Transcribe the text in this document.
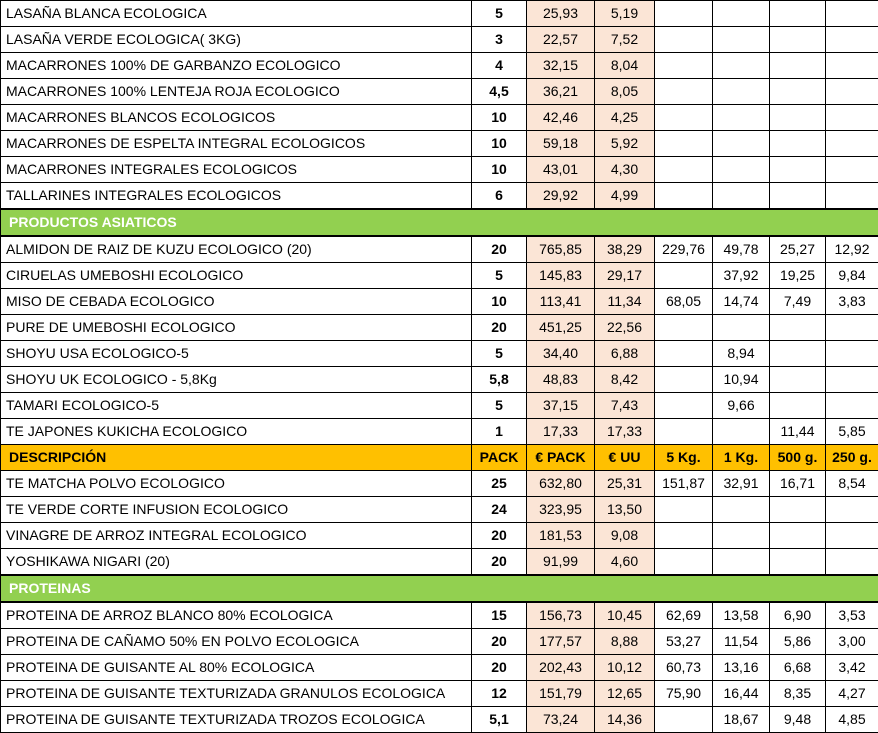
LASAÑA BLANCA ECOLOGICA	5	25,93	5,19				
LASAÑA VERDE ECOLOGICA( 3KG)	3	22,57	7,52				
MACARRONES 100% DE GARBANZO ECOLOGICO	4	32,15	8,04				
MACARRONES 100% LENTEJA ROJA ECOLOGICO	4,5	36,21	8,05				
MACARRONES BLANCOS ECOLOGICOS	10	42,46	4,25				
MACARRONES DE ESPELTA INTEGRAL ECOLOGICOS	10	59,18	5,92				
MACARRONES INTEGRALES ECOLOGICOS	10	43,01	4,30				
TALLARINES INTEGRALES ECOLOGICOS	6	29,92	4,99				
PRODUCTOS ASIATICOS							
ALMIDON DE RAIZ DE KUZU ECOLOGICO (20)	20	765,85	38,29	229,76	49,78	25,27	12,92
CIRUELAS UMEBOSHI ECOLOGICO	5	145,83	29,17		37,92	19,25	9,84
MISO DE CEBADA ECOLOGICO	10	113,41	11,34	68,05	14,74	7,49	3,83
PURE DE UMEBOSHI ECOLOGICO	20	451,25	22,56				
SHOYU USA ECOLOGICO-5	5	34,40	6,88		8,94		
SHOYU UK ECOLOGICO - 5,8Kg	5,8	48,83	8,42		10,94		
TAMARI ECOLOGICO-5	5	37,15	7,43		9,66		
TE JAPONES KUKICHA ECOLOGICO	1	17,33	17,33			11,44	5,85
DESCRIPCIÓN	PACK	€ PACK	€ UU	5 Kg.	1 Kg.	500 g.	250 g.
TE MATCHA POLVO ECOLOGICO	25	632,80	25,31	151,87	32,91	16,71	8,54
TE VERDE CORTE INFUSION ECOLOGICO	24	323,95	13,50				
VINAGRE DE ARROZ INTEGRAL ECOLOGICO	20	181,53	9,08				
YOSHIKAWA NIGARI (20)	20	91,99	4,60				
PROTEINAS							
PROTEINA DE ARROZ BLANCO 80% ECOLOGICA	15	156,73	10,45	62,69	13,58	6,90	3,53
PROTEINA DE CAÑAMO 50% EN POLVO ECOLOGICA	20	177,57	8,88	53,27	11,54	5,86	3,00
PROTEINA DE GUISANTE AL 80% ECOLOGICA	20	202,43	10,12	60,73	13,16	6,68	3,42
PROTEINA DE GUISANTE TEXTURIZADA GRANULOS ECOLOGICA	12	151,79	12,65	75,90	16,44	8,35	4,27
PROTEINA DE GUISANTE TEXTURIZADA TROZOS ECOLOGICA	5,1	73,24	14,36		18,67	9,48	4,85
